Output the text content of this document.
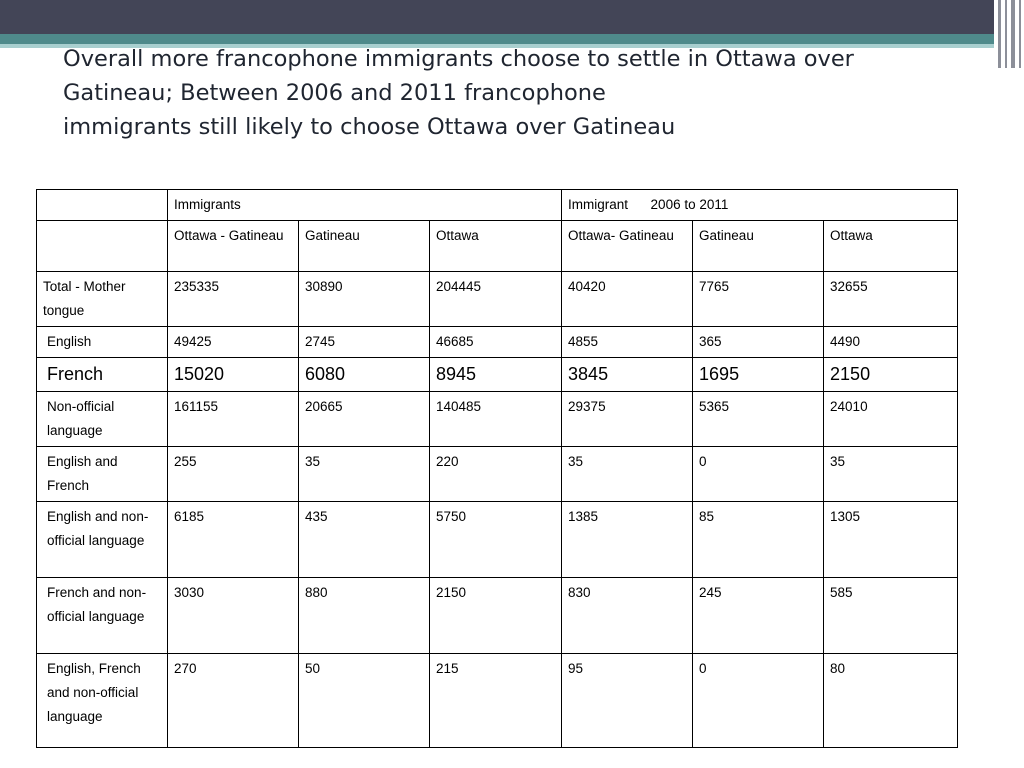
Overall more francophone immigrants choose to settle in Ottawa over
Gatineau; Between 2006 and 2011 francophone
immigrants still likely to choose Ottawa over Gatineau
	Immigrants			Immigrant      2006 to 2011		
	Ottawa - Gatineau	Gatineau	Ottawa	Ottawa- Gatineau	Gatineau	Ottawa
Total - Mother tongue	235335	30890	204445	40420	7765	32655
English	49425	2745	46685	4855	365	4490
French	15020	6080	8945	3845	1695	2150
Non-official language	161155	20665	140485	29375	5365	24010
English and French	255	35	220	35	0	35
English and non-official language	6185	435	5750	1385	85	1305
French and non-official language	3030	880	2150	830	245	585
English, French and non-official language	270	50	215	95	0	80
